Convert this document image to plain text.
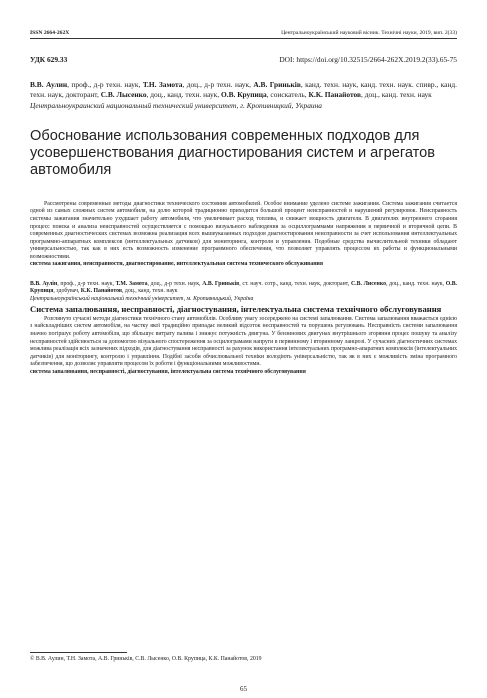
ISSN 2664-262X	Центральноукраїнський науковий вісник. Технічні науки, 2019, вип. 2(33)
УДК 629.33	DOI: https://doi.org/10.32515/2664-262X.2019.2(33).65-75
В.В. Аулин, проф., д-р техн. наук, Т.Н. Замота, доц., д-р техн. наук, А.В. Гриньків, канд. техн. наук, канд. техн. наук. спивр., канд. техн. наук, докторант, С.В. Лысенко, доц., канд. техн. наук, О.В. Крупица, соискатель, К.К. Панайотов, доц., канд. техн. наук
Центральноукраинский национальный технический университет, г. Кропивницкий, Украина
Обоснование использования современных подходов для усовершенствования диагностирования систем и агрегатов автомобиля
Рассмотрены современные методы диагностики технического состояния автомобилей. Особое внимание уделено системе зажигания. Система зажигания считается одной из самых сложных систем автомобиля, на долю которой традиционно приходится большой процент неисправностей и нарушений регулировок. Неисправность системы зажигания значительно ухудшает работу автомобиля, что увеличивает расход топлива, и снижает мощность двигателя. В двигателях внутреннего сгорания процесс поиска и анализа неисправностей осуществляется с помощью визуального наблюдения за осциллограммами напряжения в первичной и вторичной цепи. В современных диагностических системах возможна реализация всех вышеуказанных подходов диагностирования неисправности за счет использования интеллектуальных программно-аппаратных комплексов (интеллектуальных датчиков) для мониторинга, контроля и управления. Подобные средства вычислительной техники обладают универсальностью, так как в них есть возможность изменение программного обеспечения, что позволяет управлять процессом их работы и функциональными возможностями.
система зажигания, неисправности, диагностирование, интеллектуальная система технического обслуживания
В.В. Аулін, проф., д-р техн. наук, Т.М. Замота, доц., д-р техн. наук, А.В. Гриньків, ст. науч. сотр., канд. техн. наук, докторант, С.В. Лисенко, доц., канд. техн. наук, О.В. Крупиця, здобувач, К.К. Панайотов, доц., канд. техн. наук
Центральноукраїнський національний технічний університет, м. Кропивницький, Україна
Система запалювання, несправності, діагностування, інтелектуальна система технічного обслуговування
Розглянуто сучасні методи діагностики технічного стану автомобілів. Особливу увагу зосереджено на системі запалювання. Система запалювання вважається однією з найскладніших систем автомобіля, на частку якої традиційно припадає великий відсоток несправностей та порушень регулювань. Несправність системи запалювання значно погіршує роботу автомобіля, що збільшує витрату палива і знижує потужність двигуна. У бензинових двигунах внутрішнього згоряння процес пошуку та аналізу несправностей здійснюється за допомогою візуального спостереження за осцилограмами напруги в первинному і вторинному ланцюзі. У сучасних діагностичних системах можлива реалізація всіх зазначених підходів, для діагностування несправності за рахунок використання інтелектуальних програмно-апаратних комплексів (інтелектуальних датчиків) для моніторингу, контролю і управління. Подібні засоби обчислювальної техніки володіють універсальністю, так як в них є можливість зміна програмного забезпечення, що дозволяє управляти процесом їх роботи і функціональними можливостями.
система запалювання, несправності, діагностування, інтелектуальна система технічного обслуговування
© В.В. Аулин, Т.Н. Замота, А.В. Гриньків, С.В. Лысенко, О.В. Крупица, К.К. Панайотов, 2019
65
